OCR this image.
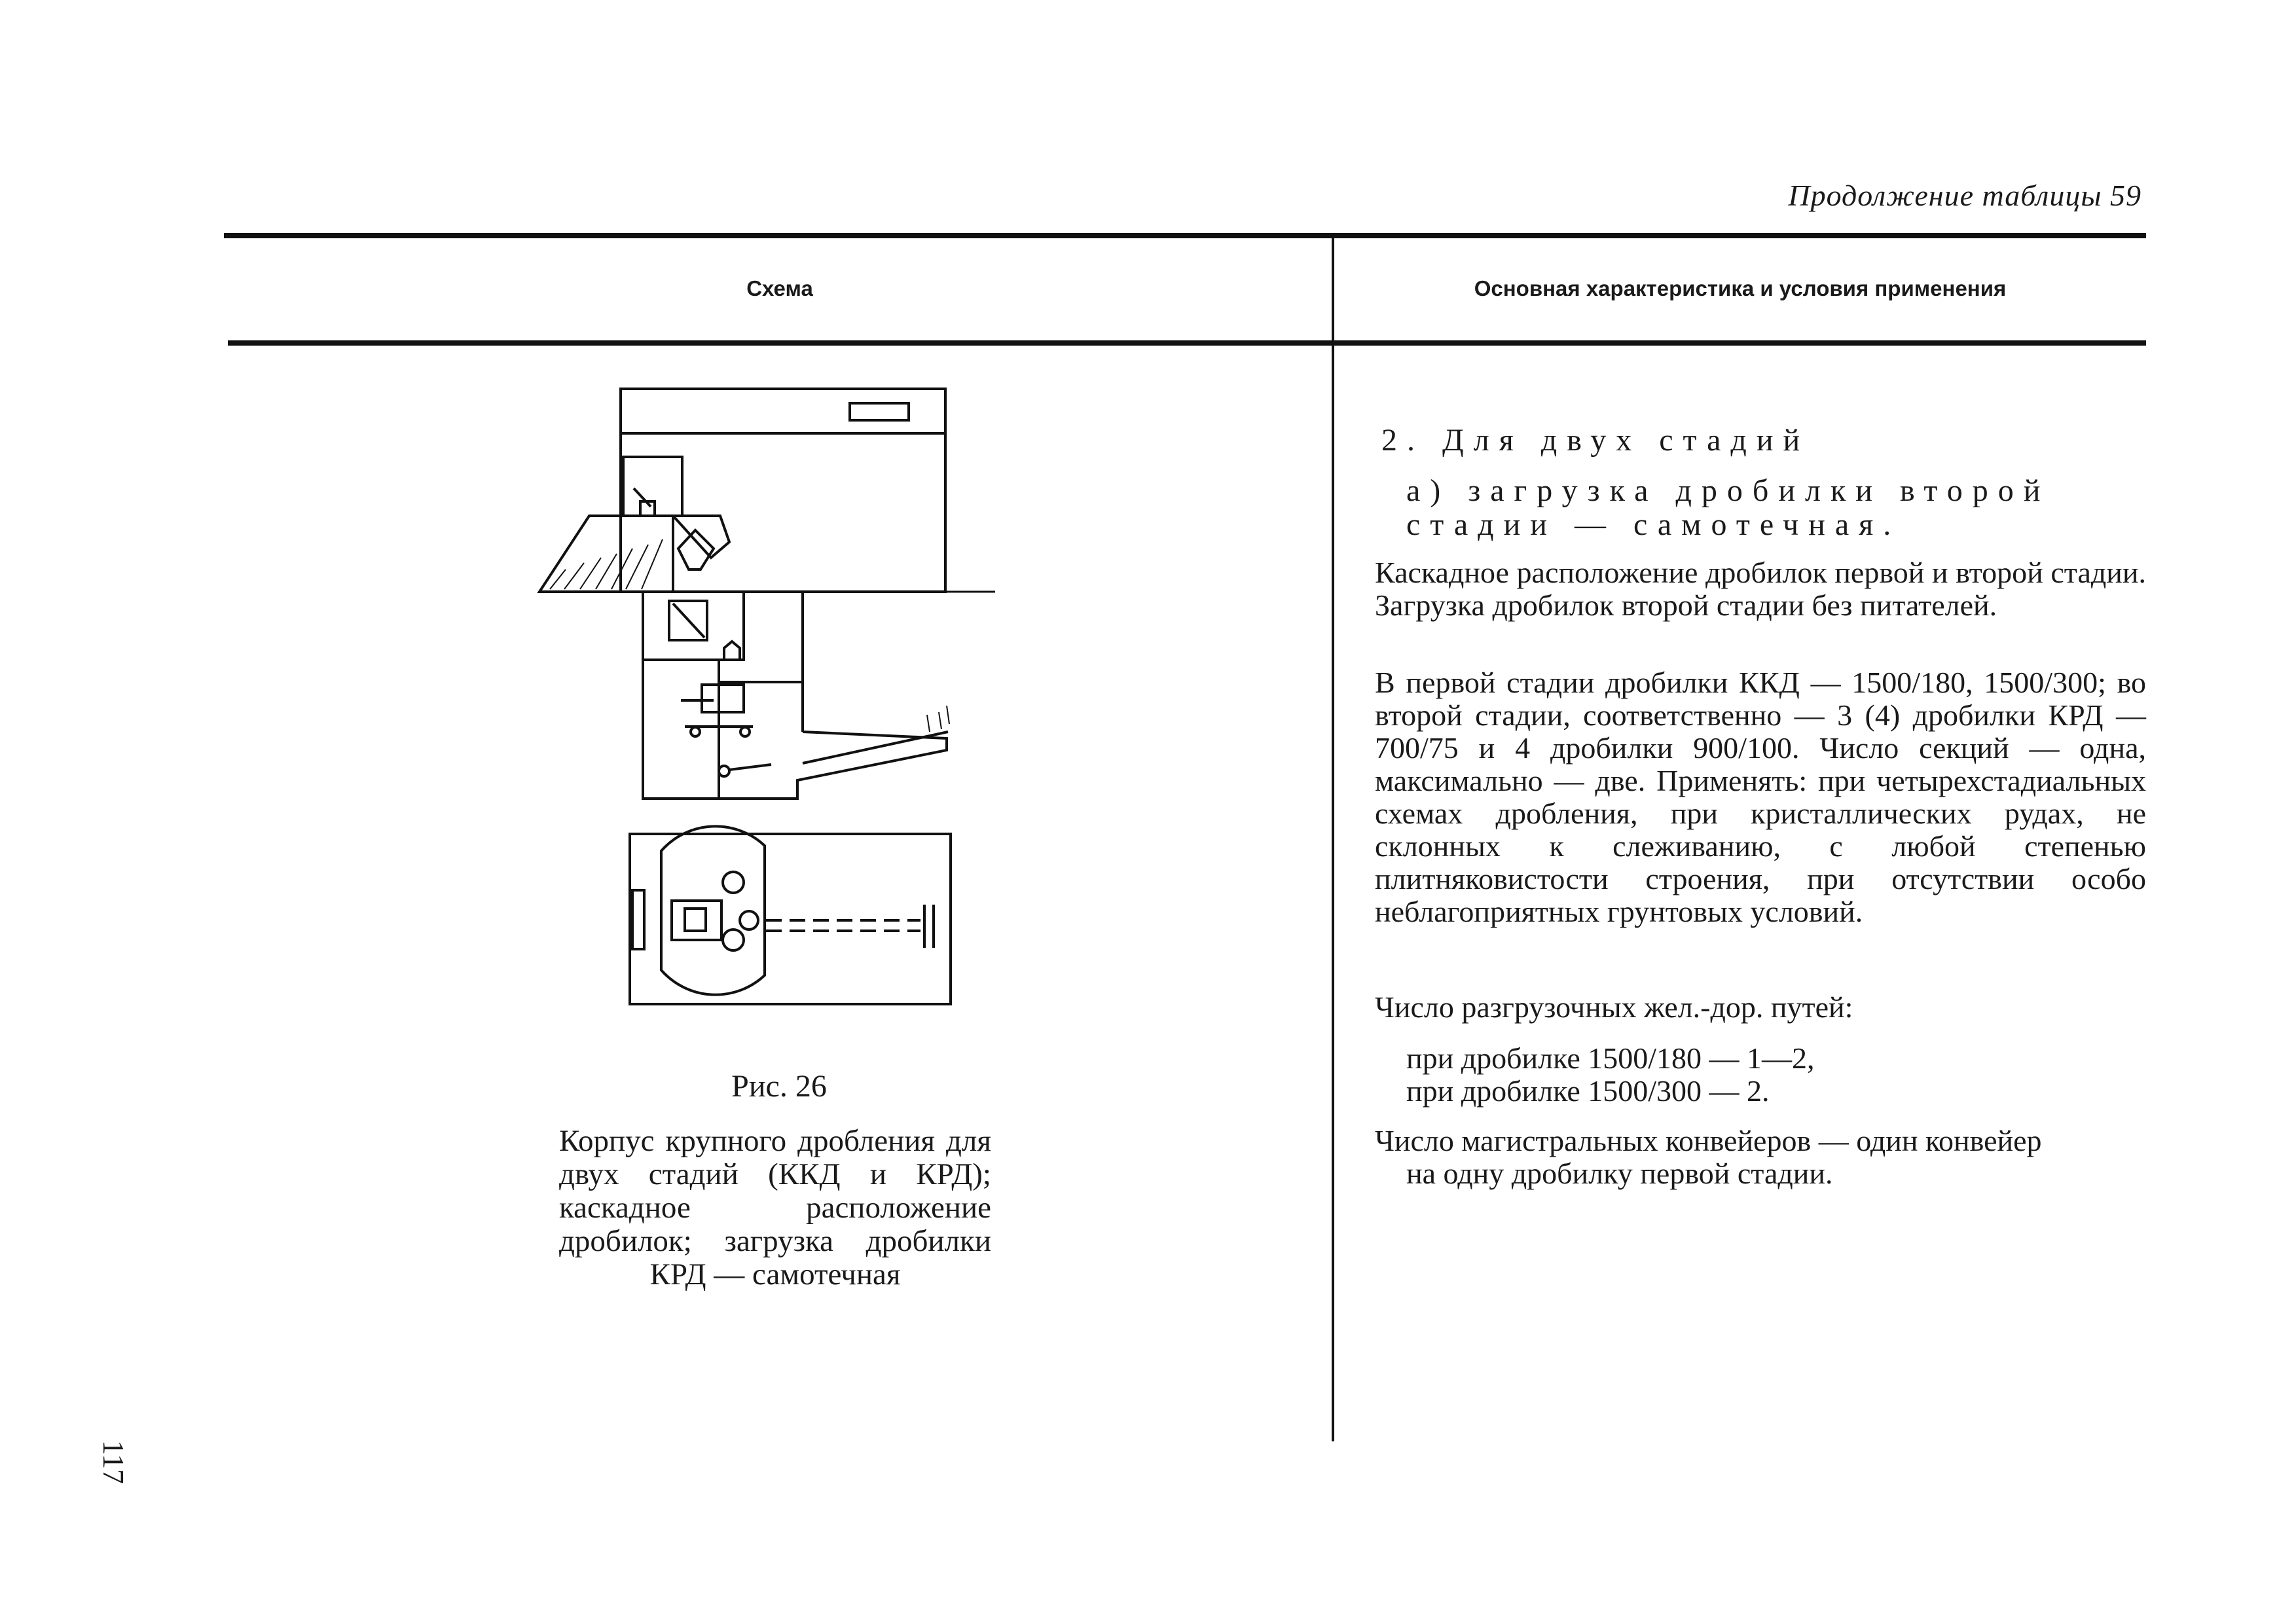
Продолжение таблицы 59
Схема	Основная характеристика и условия применения
Рис. 26
Корпус крупного дробления для двух стадий (ККД и КРД); каскадное расположение дробилок; загрузка дробилки КРД — самотечная
2. Для двух стадий
а) загрузка дробилки второй стадии — самотечная.
Каскадное расположение дробилок первой и второй стадии. Загрузка дробилок второй стадии без питателей.
В первой стадии дробилки ККД — 1500/180, 1500/300; во второй стадии, соответственно — 3 (4) дробилки КРД — 700/75 и 4 дробилки 900/100. Число секций — одна, максимально — две. Применять: при четырехстадиальных схемах дробления, при кристаллических рудах, не склонных к слеживанию, с любой степенью плитняковистости строения, при отсутствии особо неблагоприятных грунтовых условий.
Число разгрузочных жел.-дор. путей:
при дробилке 1500/180 — 1—2,
при дробилке 1500/300 — 2.
Число магистральных конвейеров — один конвейер
на одну дробилку первой стадии.
117
